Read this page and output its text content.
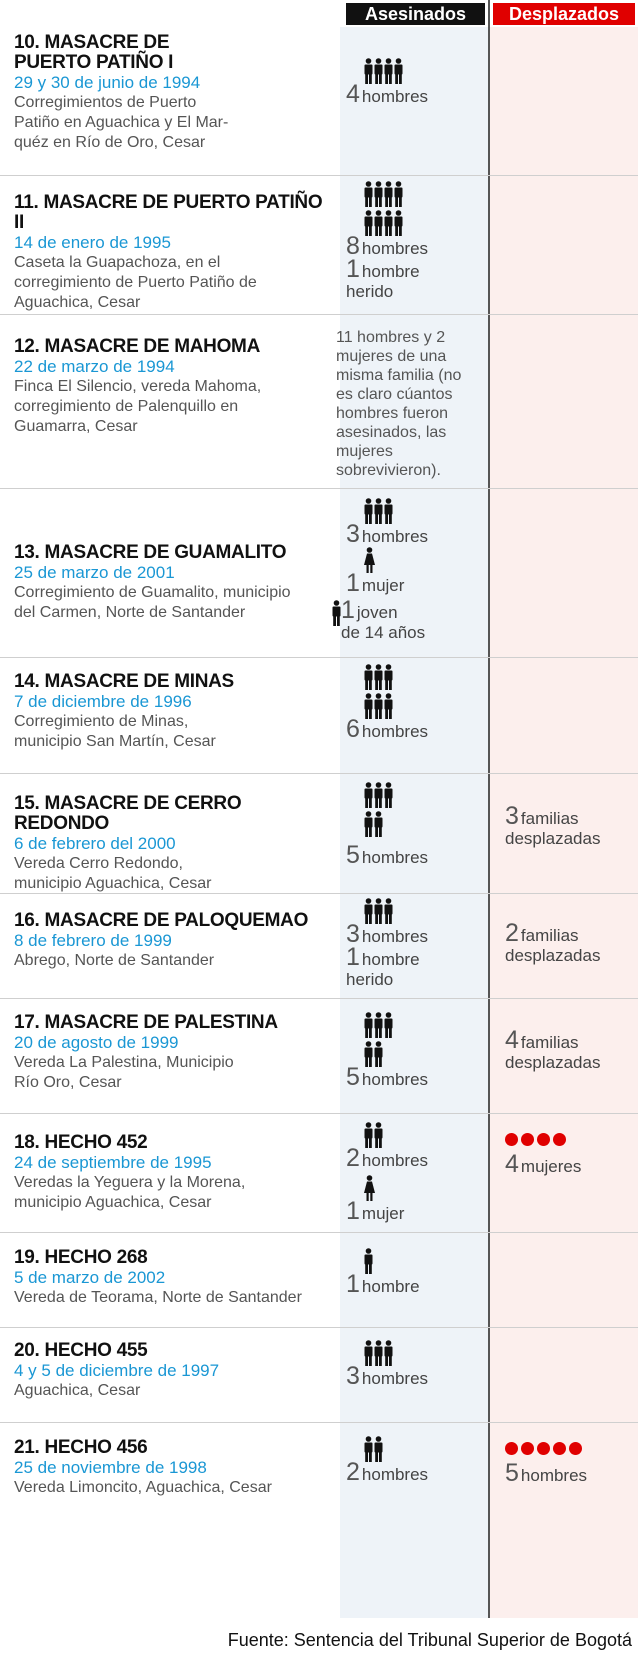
Asesinados	Desplazados
10. MASACRE DE
PUERTO PATIÑO I
29 y 30 de junio de 1994
Corregimientos de Puerto
Patiño en Aguachica y El Mar-
quéz en Río de Oro, Cesar
11. MASACRE DE PUERTO PATIÑO II
14 de enero de 1995
Caseta la Guapachoza, en el
corregimiento de Puerto Patiño de
Aguachica, Cesar
12. MASACRE DE MAHOMA
22 de marzo de 1994
Finca El Silencio, vereda Mahoma,
corregimiento de Palenquillo en
Guamarra, Cesar
13. MASACRE DE GUAMALITO
25 de marzo de 2001
Corregimiento de Guamalito, municipio
del Carmen, Norte de Santander
14. MASACRE DE MINAS
7 de diciembre de 1996
Corregimiento de Minas,
municipio San Martín, Cesar
15. MASACRE DE CERRO REDONDO
6 de febrero del 2000
Vereda Cerro Redondo,
municipio Aguachica, Cesar
16. MASACRE DE PALOQUEMAO
8 de febrero de 1999
Abrego, Norte de Santander
17. MASACRE DE PALESTINA
20 de agosto de 1999
Vereda La Palestina, Municipio
Río Oro, Cesar
18. HECHO 452
24 de septiembre de 1995
Veredas la Yeguera y la Morena,
municipio Aguachica, Cesar
19. HECHO 268
5 de marzo de 2002
Vereda de Teorama, Norte de Santander
20. HECHO 455
4 y 5 de diciembre de 1997
Aguachica, Cesar
21. HECHO 456
25 de noviembre de 1998
Vereda Limoncito, Aguachica, Cesar
4 hombres
8 hombres
1 hombre
herido
11 hombres y 2
mujeres de una
misma familia (no
es claro cúantos
hombres fueron
asesinados, las
mujeres
sobrevivieron).
3 hombres
1 mujer
1 joven
de 14 años
6 hombres
5 hombres
3 hombres
1 hombre
herido
5 hombres
2 hombres
1 mujer
1 hombre
3 hombres
2 hombres
3 familias
desplazadas
2 familias
desplazadas
4 familias
desplazadas
4 mujeres
5 hombres
Fuente: Sentencia del Tribunal Superior de Bogotá
